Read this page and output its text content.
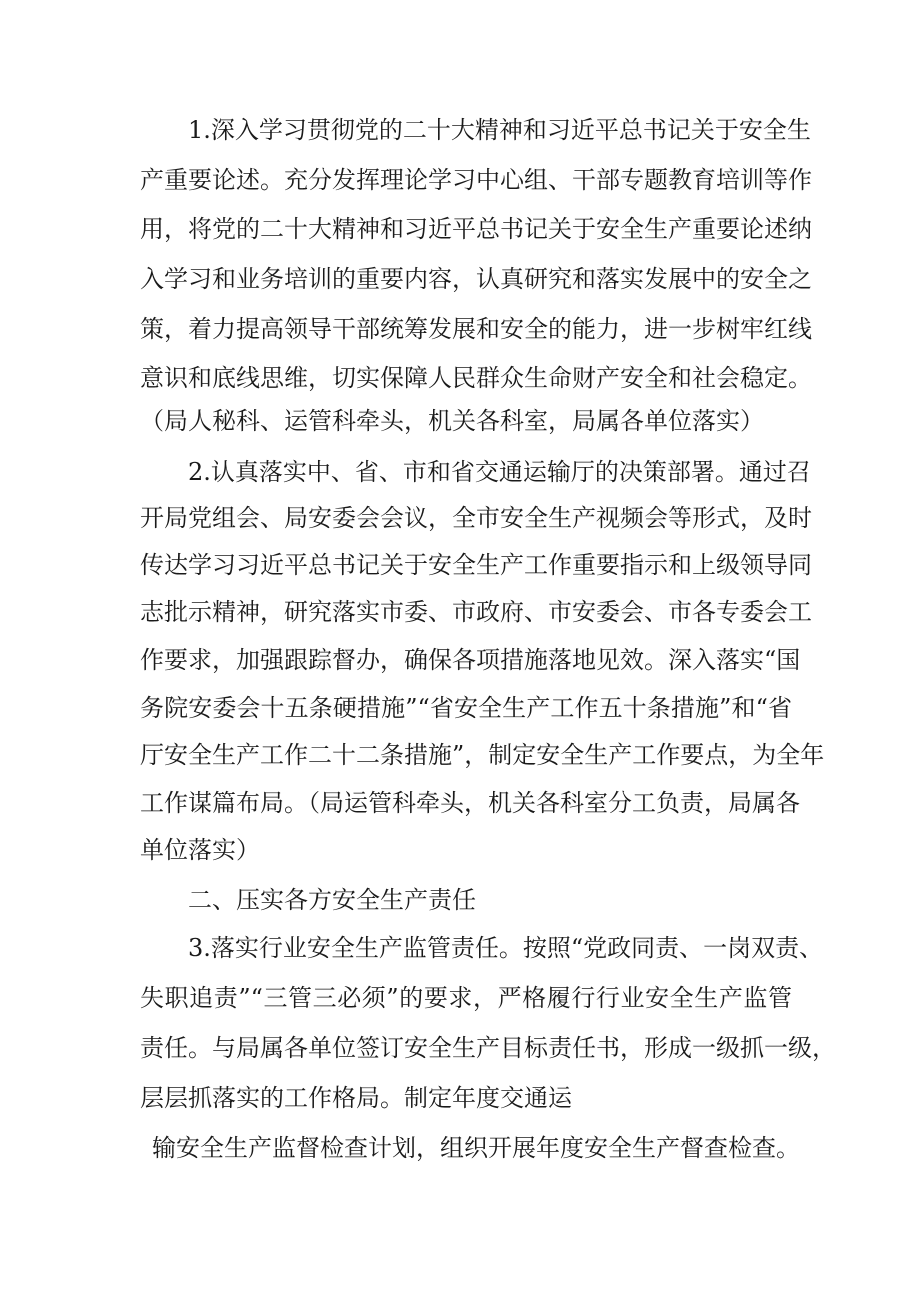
1.深入学习贯彻党的二十大精神和习近平总书记关于安全生
产重要论述。充分发挥理论学习中心组、干部专题教育培训等作
用，将党的二十大精神和习近平总书记关于安全生产重要论述纳
入学习和业务培训的重要内容，认真研究和落实发展中的安全之
策，着力提高领导干部统筹发展和安全的能力，进一步树牢红线
意识和底线思维，切实保障人民群众生命财产安全和社会稳定。
（局人秘科、运管科牵头，机关各科室，局属各单位落实）
2.认真落实中、省、市和省交通运输厅的决策部署。通过召
开局党组会、局安委会会议，全市安全生产视频会等形式，及时
传达学习习近平总书记关于安全生产工作重要指示和上级领导同
志批示精神，研究落实市委、市政府、市安委会、市各专委会工
作要求，加强跟踪督办，确保各项措施落地见效。深入落实“国
务院安委会十五条硬措施”“省安全生产工作五十条措施”和“省
厅安全生产工作二十二条措施”，制定安全生产工作要点，为全年
工作谋篇布局。（局运管科牵头，机关各科室分工负责，局属各
单位落实）
二、压实各方安全生产责任
3.落实行业安全生产监管责任。按照“党政同责、一岗双责、
失职追责”“三管三必须”的要求，严格履行行业安全生产监管
责任。与局属各单位签订安全生产目标责任书，形成一级抓一级，
层层抓落实的工作格局。制定年度交通运
输安全生产监督检查计划，组织开展年度安全生产督查检查。
